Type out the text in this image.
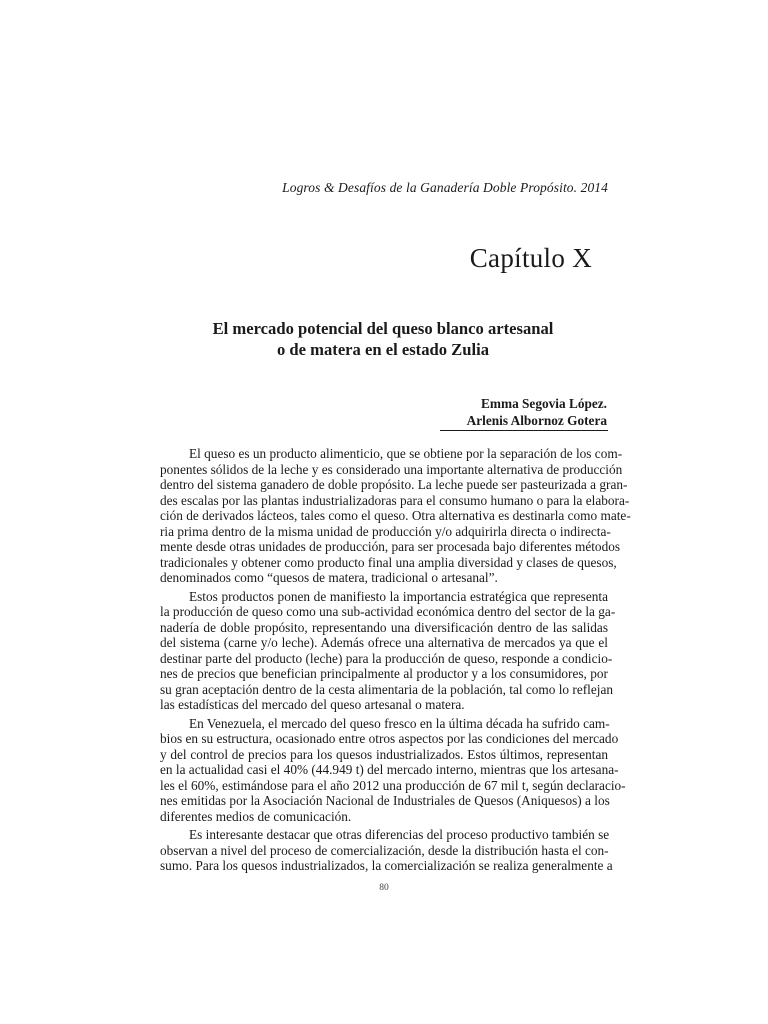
Logros & Desafíos de la Ganadería Doble Propósito. 2014
Capítulo X
El mercado potencial del queso blanco artesanal
o de matera en el estado Zulia
Emma Segovia López.
Arlenis Albornoz Gotera
El queso es un producto alimenticio, que se obtiene por la separación de los com-
ponentes sólidos de la leche y es considerado una importante alternativa de producción
dentro del sistema ganadero de doble propósito. La leche puede ser pasteurizada a gran-
des escalas por las plantas industrializadoras para el consumo humano o para la elabora-
ción de derivados lácteos, tales como el queso. Otra alternativa es destinarla como mate-
ria prima dentro de la misma unidad de producción y/o adquirirla directa o indirecta-
mente desde otras unidades de producción, para ser procesada bajo diferentes métodos
tradicionales y obtener como producto final una amplia diversidad y clases de quesos,
denominados como “quesos de matera, tradicional o artesanal”.
Estos productos ponen de manifiesto la importancia estratégica que representa
la producción de queso como una sub-actividad económica dentro del sector de la ga-
nadería de doble propósito, representando una diversificación dentro de las salidas
del sistema (carne y/o leche). Además ofrece una alternativa de mercados ya que el
destinar parte del producto (leche) para la producción de queso, responde a condicio-
nes de precios que benefician principalmente al productor y a los consumidores, por
su gran aceptación dentro de la cesta alimentaria de la población, tal como lo reflejan
las estadísticas del mercado del queso artesanal o matera.
En Venezuela, el mercado del queso fresco en la última década ha sufrido cam-
bios en su estructura, ocasionado entre otros aspectos por las condiciones del mercado
y del control de precios para los quesos industrializados. Estos últimos, representan
en la actualidad casi el 40% (44.949 t) del mercado interno, mientras que los artesana-
les el 60%, estimándose para el año 2012 una producción de 67 mil t, según declaracio-
nes emitidas por la Asociación Nacional de Industriales de Quesos (Aniquesos) a los
diferentes medios de comunicación.
Es interesante destacar que otras diferencias del proceso productivo también se
observan a nivel del proceso de comercialización, desde la distribución hasta el con-
sumo. Para los quesos industrializados, la comercialización se realiza generalmente a
80
